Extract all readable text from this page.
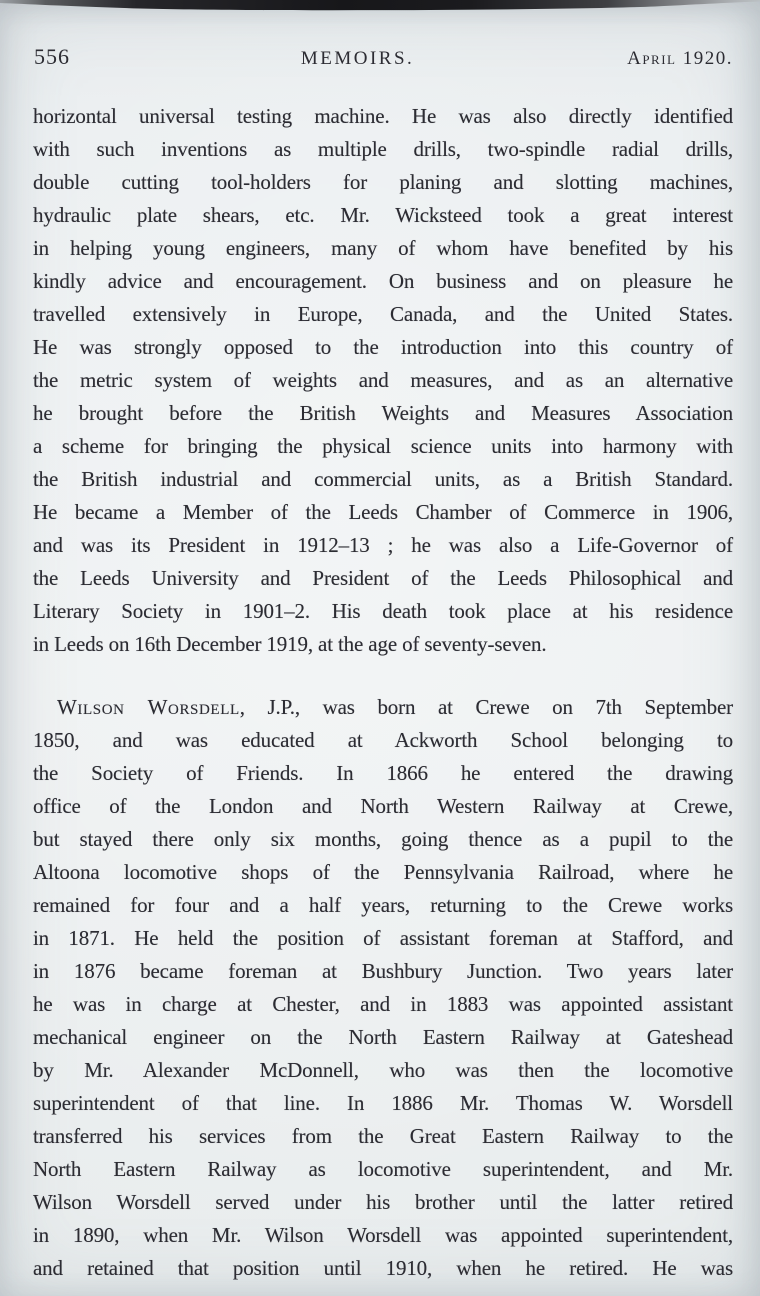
556	MEMOIRS.	April 1920.
horizontal universal testing machine. He was also directly identified
with such inventions as multiple drills, two-spindle radial drills,
double cutting tool-holders for planing and slotting machines,
hydraulic plate shears, etc. Mr. Wicksteed took a great interest
in helping young engineers, many of whom have benefited by his
kindly advice and encouragement. On business and on pleasure he
travelled extensively in Europe, Canada, and the United States.
He was strongly opposed to the introduction into this country of
the metric system of weights and measures, and as an alternative
he brought before the British Weights and Measures Association
a scheme for bringing the physical science units into harmony with
the British industrial and commercial units, as a British Standard.
He became a Member of the Leeds Chamber of Commerce in 1906,
and was its President in 1912–13 ; he was also a Life-Governor of
the Leeds University and President of the Leeds Philosophical and
Literary Society in 1901–2. His death took place at his residence
in Leeds on 16th December 1919, at the age of seventy-seven.
Wilson Worsdell, J.P., was born at Crewe on 7th September
1850, and was educated at Ackworth School belonging to
the Society of Friends. In 1866 he entered the drawing
office of the London and North Western Railway at Crewe,
but stayed there only six months, going thence as a pupil to the
Altoona locomotive shops of the Pennsylvania Railroad, where he
remained for four and a half years, returning to the Crewe works
in 1871. He held the position of assistant foreman at Stafford, and
in 1876 became foreman at Bushbury Junction. Two years later
he was in charge at Chester, and in 1883 was appointed assistant
mechanical engineer on the North Eastern Railway at Gateshead
by Mr. Alexander McDonnell, who was then the locomotive
superintendent of that line. In 1886 Mr. Thomas W. Worsdell
transferred his services from the Great Eastern Railway to the
North Eastern Railway as locomotive superintendent, and Mr.
Wilson Worsdell served under his brother until the latter retired
in 1890, when Mr. Wilson Worsdell was appointed superintendent,
and retained that position until 1910, when he retired. He was
